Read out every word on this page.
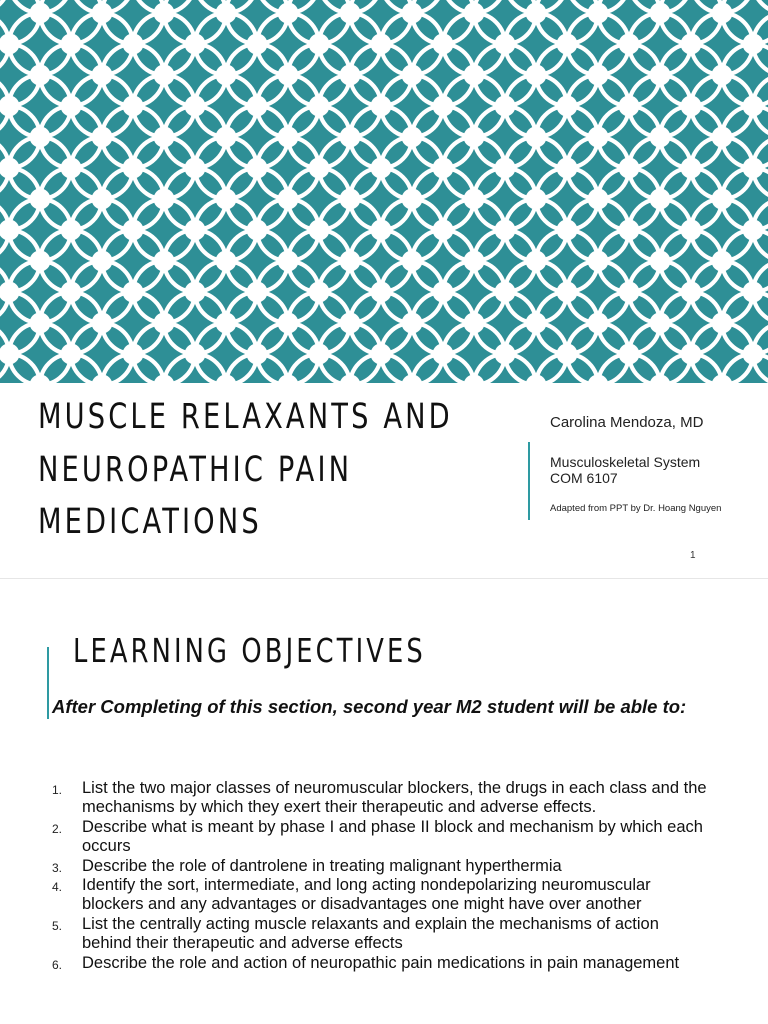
MUSCLE RELAXANTS AND
NEUROPATHIC PAIN
MEDICATIONS
Carolina Mendoza, MD
Musculoskeletal System
COM 6107
Adapted from PPT by Dr. Hoang Nguyen
1
LEARNING OBJECTIVES
After Completing of this section, second year M2 student will be able to:
1. List the two major classes of neuromuscular blockers, the drugs in each class and the mechanisms by which they exert their therapeutic and adverse effects.
2. Describe what is meant by phase I and phase II block and mechanism by which each occurs
3. Describe the role of dantrolene in treating malignant hyperthermia
4. Identify the sort, intermediate, and long acting nondepolarizing neuromuscular blockers and any advantages or disadvantages one might have over another
5. List the centrally acting muscle relaxants and explain the mechanisms of action behind their therapeutic and adverse effects
6. Describe the role and action of neuropathic pain medications in pain management
